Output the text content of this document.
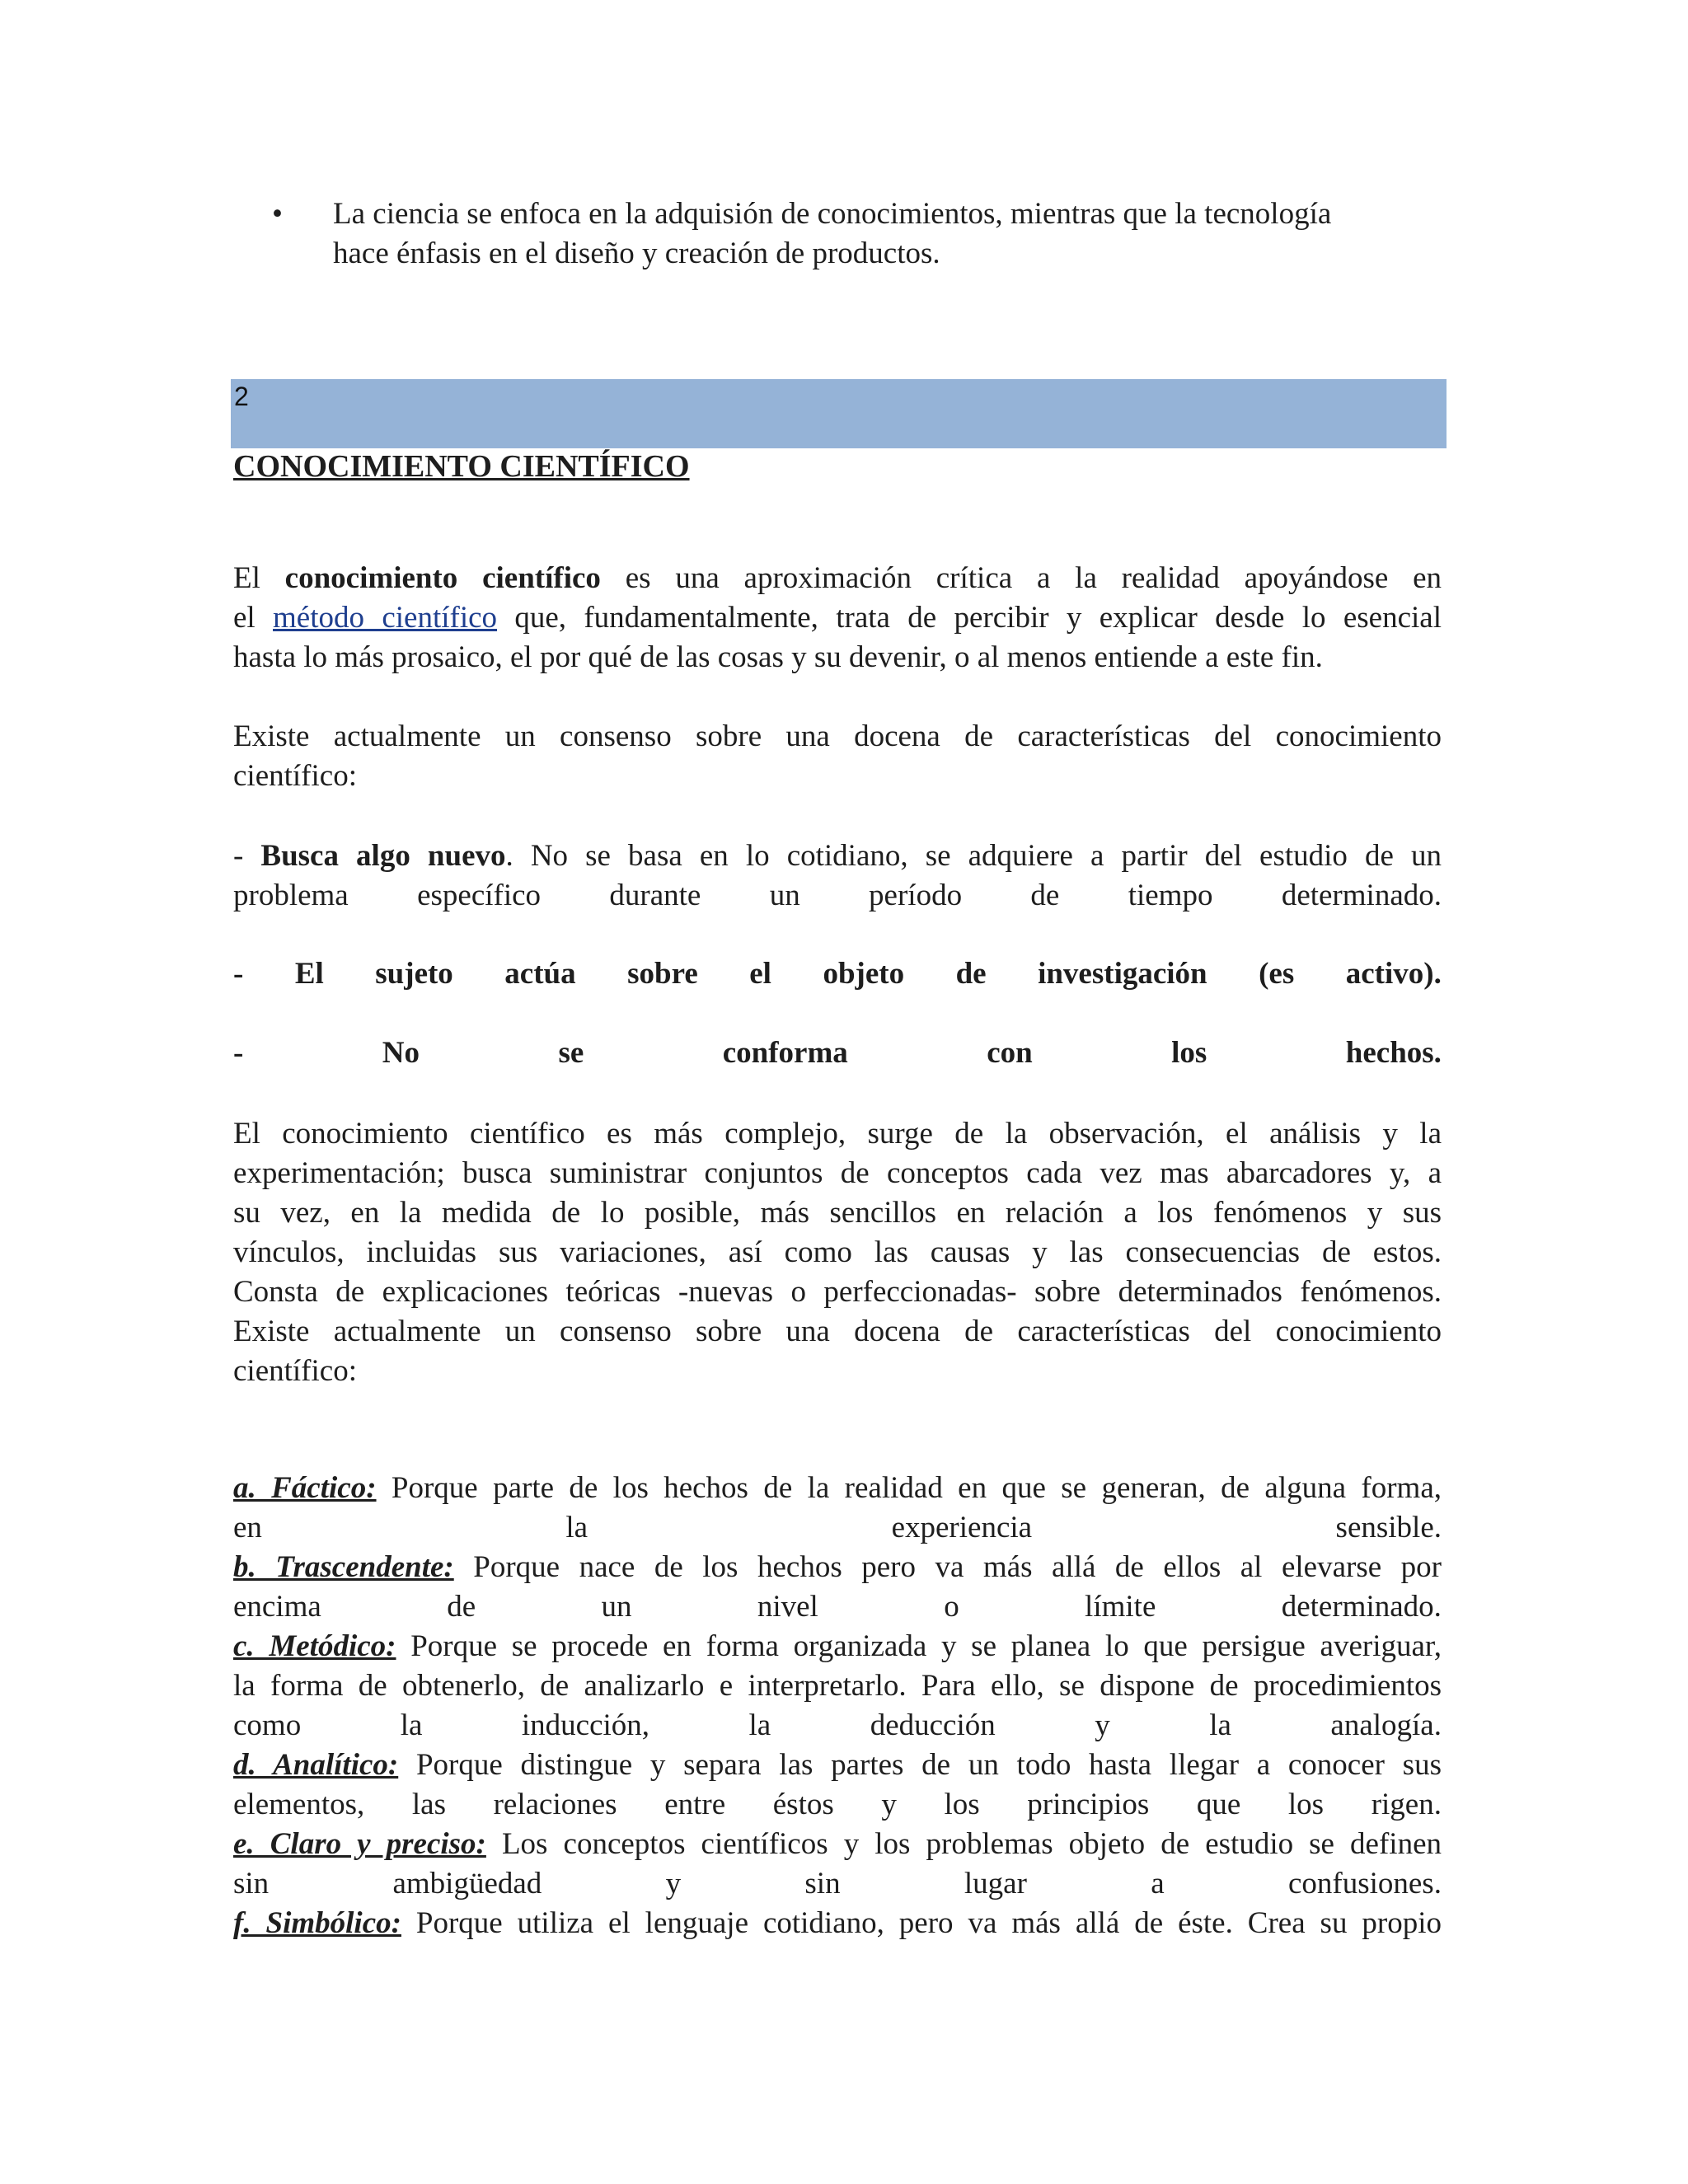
• La ciencia se enfoca en la adquisión de conocimientos, mientras que la tecnología
hace énfasis en el diseño y creación de productos.
2
CONOCIMIENTO CIENTÍFICO
El conocimiento científico es una aproximación crítica a la realidad apoyándose en
el método científico que, fundamentalmente, trata de percibir y explicar desde lo esencial
hasta lo más prosaico, el por qué de las cosas y su devenir, o al menos entiende a este fin.
Existe actualmente un consenso sobre una docena de características del conocimiento
científico:
- Busca algo nuevo. No se basa en lo cotidiano, se adquiere a partir del estudio de un
problema específico durante un período de tiempo determinado.
- El sujeto actúa sobre el objeto de investigación (es activo).
-	No	se	conforma	con	los	hechos.
El conocimiento científico es más complejo, surge de la observación, el análisis y la
experimentación; busca suministrar conjuntos de conceptos cada vez mas abarcadores y, a
su vez, en la medida de lo posible, más sencillos en relación a los fenómenos y sus
vínculos, incluidas sus variaciones, así como las causas y las consecuencias de estos.
Consta de explicaciones teóricas -nuevas o perfeccionadas- sobre determinados fenómenos.
Existe actualmente un consenso sobre una docena de características del conocimiento
científico:
a. Fáctico: Porque parte de los hechos de la realidad en que se generan, de alguna forma,
en	la	experiencia	sensible.
b. Trascendente: Porque nace de los hechos pero va más allá de ellos al elevarse por
encima	de	un	nivel	o	límite	determinado.
c. Metódico: Porque se procede en forma organizada y se planea lo que persigue averiguar,
la forma de obtenerlo, de analizarlo e interpretarlo. Para ello, se dispone de procedimientos
como	la	inducción,	la	deducción	y	la	analogía.
d. Analítico: Porque distingue y separa las partes de un todo hasta llegar a conocer sus
elementos, las relaciones entre éstos y los principios que los rigen.
e. Claro y preciso: Los conceptos científicos y los problemas objeto de estudio se definen
sin	ambigüedad	y	sin	lugar	a	confusiones.
f. Simbólico: Porque utiliza el lenguaje cotidiano, pero va más allá de éste. Crea su propio
